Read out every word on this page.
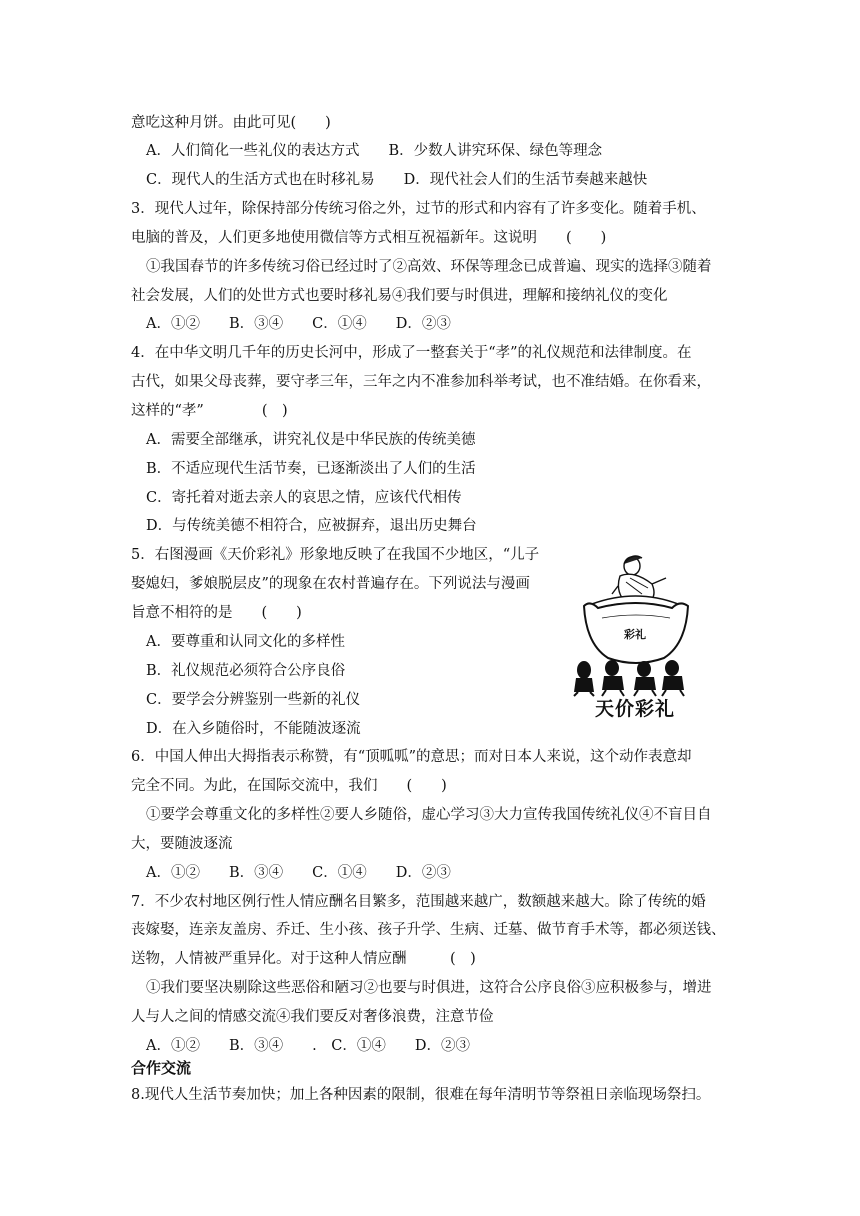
意吃这种月饼。由此可见(　　)
A．人们简化一些礼仪的表达方式　　B．少数人讲究环保、绿色等理念
C．现代人的生活方式也在时移礼易　　D．现代社会人们的生活节奏越来越快
3．现代人过年，除保持部分传统习俗之外，过节的形式和内容有了许多变化。随着手机、
电脑的普及，人们更多地使用微信等方式相互祝福新年。这说明　　(　　)
①我国春节的许多传统习俗已经过时了②高效、环保等理念已成普遍、现实的选择③随着
社会发展，人们的处世方式也要时移礼易④我们要与时俱进，理解和接纳礼仪的变化
A．①②　　B．③④　　C．①④　　D．②③
4．在中华文明几千年的历史长河中，形成了一整套关于“孝”的礼仪规范和法律制度。在
古代，如果父母丧葬，要守孝三年，三年之内不准参加科举考试，也不准结婚。在你看来，
这样的“孝”　　　　(　)
A．需要全部继承，讲究礼仪是中华民族的传统美德
B．不适应现代生活节奏，已逐渐淡出了人们的生活
C．寄托着对逝去亲人的哀思之情，应该代代相传
D．与传统美德不相符合，应被摒弃，退出历史舞台
5．右图漫画《天价彩礼》形象地反映了在我国不少地区，“儿子
娶媳妇，爹娘脱层皮”的现象在农村普遍存在。下列说法与漫画
旨意不相符的是　　(　　)
A．要尊重和认同文化的多样性
B．礼仪规范必须符合公序良俗
C．要学会分辨鉴别一些新的礼仪
D．在入乡随俗时，不能随波逐流
6．中国人伸出大拇指表示称赞，有“顶呱呱”的意思；而对日本人来说，这个动作表意却
完全不同。为此，在国际交流中，我们　　(　　)
①要学会尊重文化的多样性②要人乡随俗，虚心学习③大力宣传我国传统礼仪④不盲目自
大，要随波逐流
A．①②　　B．③④　　C．①④　　D．②③
7．不少农村地区例行性人情应酬名目繁多，范围越来越广，数额越来越大。除了传统的婚
丧嫁娶，连亲友盖房、乔迁、生小孩、孩子升学、生病、迁墓、做节育手术等，都必须送钱、
送物，人情被严重异化。对于这种人情应酬　　　(　)
①我们要坚决剔除这些恶俗和陋习②也要与时俱进，这符合公序良俗③应积极参与，增进
人与人之间的情感交流④我们要反对奢侈浪费，注意节俭
A．①②　　B．③④　　.　C．①④　　D．②③
合作交流
8.现代人生活节奏加快；加上各种因素的限制，很难在每年清明节等祭祖日亲临现场祭扫。
彩礼
天价彩礼
